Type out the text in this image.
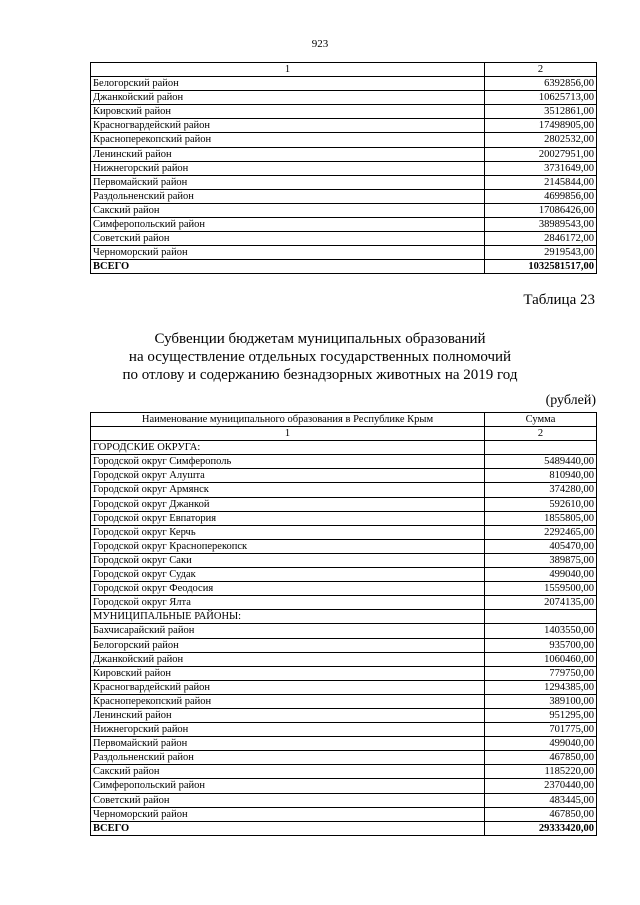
923
1	2
Белогорский район	6392856,00
Джанкойский район	10625713,00
Кировский район	3512861,00
Красногвардейский район	17498905,00
Красноперекопский район	2802532,00
Ленинский район	20027951,00
Нижнегорский район	3731649,00
Первомайский район	2145844,00
Раздольненский район	4699856,00
Сакский район	17086426,00
Симферопольский район	38989543,00
Советский район	2846172,00
Черноморский район	2919543,00
ВСЕГО	1032581517,00
Таблица 23
Субвенции бюджетам муниципальных образований
на осуществление отдельных государственных полномочий
по отлову и содержанию безнадзорных животных на 2019 год
(рублей)
Наименование муниципального образования в Республике Крым	Сумма
1	2
ГОРОДСКИЕ ОКРУГА:	
Городской округ Симферополь	5489440,00
Городской округ Алушта	810940,00
Городской округ Армянск	374280,00
Городской округ Джанкой	592610,00
Городской округ Евпатория	1855805,00
Городской округ Керчь	2292465,00
Городской округ Красноперекопск	405470,00
Городской округ Саки	389875,00
Городской округ Судак	499040,00
Городской округ Феодосия	1559500,00
Городской округ Ялта	2074135,00
МУНИЦИПАЛЬНЫЕ РАЙОНЫ:	
Бахчисарайский район	1403550,00
Белогорский район	935700,00
Джанкойский район	1060460,00
Кировский район	779750,00
Красногвардейский район	1294385,00
Красноперекопский район	389100,00
Ленинский район	951295,00
Нижнегорский район	701775,00
Первомайский район	499040,00
Раздольненский район	467850,00
Сакский район	1185220,00
Симферопольский район	2370440,00
Советский район	483445,00
Черноморский район	467850,00
ВСЕГО	29333420,00
